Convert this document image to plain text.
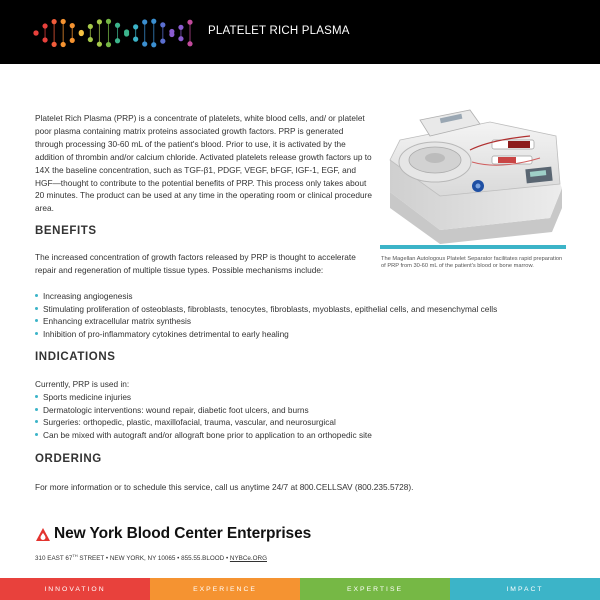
PLATELET RICH PLASMA

Platelet Rich Plasma (PRP) is a concentrate of platelets, white blood cells, and/ or platelet poor plasma containing matrix proteins associated growth factors. PRP is generated through processing 30-60 mL of the patient's blood. Prior to use, it is activated by the addition of thrombin and/or calcium chloride. Activated platelets release growth factors up to 14X the baseline concentration, such as TGF-β1, PDGF, VEGF, bFGF, IGF-1, EGF, and HGF—thought to contribute to the potential benefits of PRP. This process only takes about 20 minutes. The product can be used at any time in the operating room or clinical procedure area.

The Magellan Autologous Platelet Separator facilitates rapid preparation of PRP from 30-60 mL of the patient's blood or bone marrow.

BENEFITS

The increased concentration of growth factors released by PRP is thought to accelerate repair and regeneration of multiple tissue types. Possible mechanisms include:

Increasing angiogenesis
Stimulating proliferation of osteoblasts, fibroblasts, tenocytes, fibroblasts, myoblasts, epithelial cells, and mesenchymal cells
Enhancing extracellular matrix synthesis
Inhibition of pro-inflammatory cytokines detrimental to early healing
INDICATIONS

Currently, PRP is used in:

Sports medicine injuries
Dermatologic interventions: wound repair, diabetic foot ulcers, and burns
Surgeries: orthopedic, plastic, maxillofacial, trauma, vascular, and neurosurgical
Can be mixed with autograft and/or allograft bone prior to application to an orthopedic site
ORDERING

For more information or to schedule this service, call us anytime 24/7 at 800.CELLSAV (800.235.5728).

New York Blood Center Enterprises
310 EAST 67TH STREET • NEW YORK, NY 10065 • 855.55.BLOOD • NYBCe.ORG
INNOVATION	EXPERIENCE	EXPERTISE	IMPACT
